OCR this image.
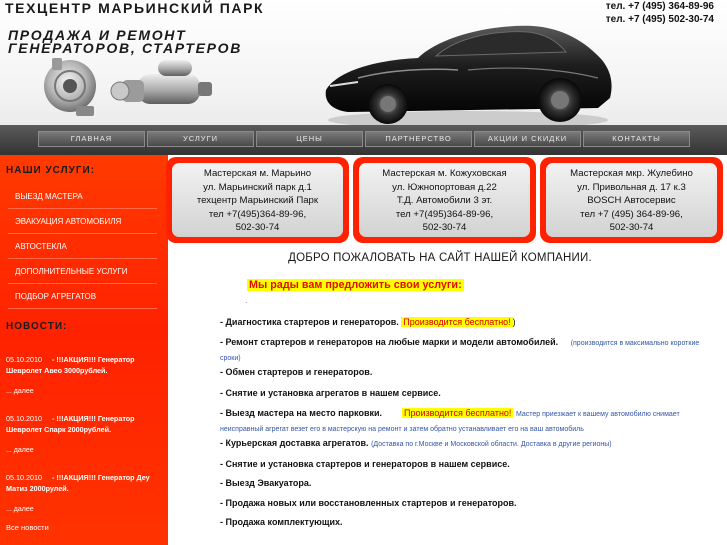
ТЕХЦЕНТР МАРЬИНСКИЙ ПАРК
ПРОДАЖА И РЕМОНТ
ГЕНЕРАТОРОВ, СТАРТЕРОВ
тел. +7 (495) 364-89-96
тел. +7 (495) 502-30-74
ГЛАВНАЯ	УСЛУГИ	ЦЕНЫ	ПАРТНЕРСТВО	АКЦИИ И СКИДКИ	КОНТАКТЫ
НАШИ УСЛУГИ:
ВЫЕЗД МАСТЕРА
ЭВАКУАЦИЯ АВТОМОБИЛЯ
АВТОСТЕКЛА
ДОПОЛНИТЕЛЬНЫЕ УСЛУГИ
ПОДБОР АГРЕГАТОВ
НОВОСТИ:
05.10.2010 - !!!АКЦИЯ!!! Генератор Шевролет Авео 3000рублей.
... далее
05.10.2010 - !!!АКЦИЯ!!! Генератор Шевролет Спарк 2000рублей.
... далее
05.10.2010 - !!!АКЦИЯ!!! Генератор Деу Матиз 2000рулей.
... далее
Все новости
Мастерская м. Марьино
ул. Марьинский парк д.1
техцентр Марьинский Парк
тел +7(495)364-89-96,
502-30-74
Мастерская м. Кожуховская
ул. Южнопортовая д.22
Т.Д. Автомобили 3 эт.
тел +7(495)364-89-96,
502-30-74
Мастерская мкр. Жулебино
ул. Привольная д. 17 к.3
BOSCH Автосервис
тел +7 (495) 364-89-96,
502-30-74
ДОБРО ПОЖАЛОВАТЬ НА САЙТ НАШЕЙ КОМПАНИИ.
Мы рады вам предложить свои услуги:
.
- Диагностика стартеров и генераторов. Производится бесплатно! )
- Ремонт стартеров и генераторов на любые марки и модели автомобилей. (производится в максимально короткие сроки)
- Обмен стартеров и генераторов.
- Снятие и установка агрегатов в нашем сервисе.
- Выезд мастера на место парковки. Производится бесплатно! Мастер приезжает к вашему автомобилю снимает неисправный агрегат везет его в мастерскую на ремонт и затем обратно устанавливает его на ваш автомобиль
- Курьерская доставка агрегатов. (Доставка по г.Москве и Московской области. Доставка в другие регионы)
- Снятие и установка стартеров и генераторов в нашем сервисе.
- Выезд Эвакуатора.
- Продажа новых или восстановленных стартеров и генераторов.
- Продажа комплектующих.
